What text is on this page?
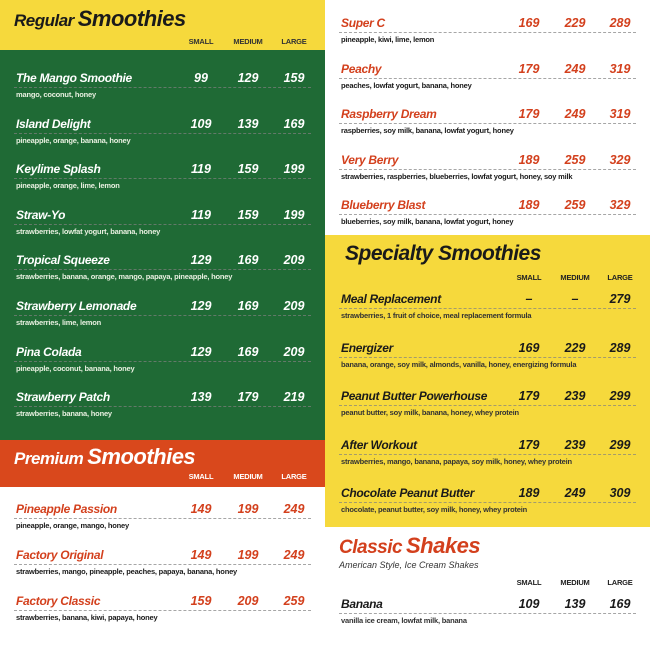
Regular Smoothies
SMALL	MEDIUM	LARGE
The Mango Smoothie	99	129	159
mango, coconut, honey
Island Delight	109	139	169
pineapple, orange, banana, honey
Keylime Splash	119	159	199
pineapple, orange, lime, lemon
Straw-Yo	119	159	199
strawberries, lowfat yogurt, banana, honey
Tropical Squeeze	129	169	209
strawberries, banana, orange, mango, papaya, pineapple, honey
Strawberry Lemonade	129	169	209
strawberries, lime, lemon
Pina Colada	129	169	209
pineapple, coconut, banana, honey
Strawberry Patch	139	179	219
strawberries, banana, honey
Premium Smoothies
SMALL	MEDIUM	LARGE
Pineapple Passion	149	199	249
pineapple, orange, mango, honey
Factory Original	149	199	249
strawberries, mango, pineapple, peaches, papaya, banana, honey
Factory Classic	159	209	259
strawberries, banana, kiwi, papaya, honey
Super C	169	229	289
pineapple, kiwi, lime, lemon
Peachy	179	249	319
peaches, lowfat yogurt, banana, honey
Raspberry Dream	179	249	319
raspberries, soy milk, banana, lowfat yogurt, honey
Very Berry	189	259	329
strawberries, raspberries, blueberries, lowfat yogurt, honey, soy milk
Blueberry Blast	189	259	329
blueberries, soy milk, banana, lowfat yogurt, honey
Specialty Smoothies
SMALL	MEDIUM	LARGE
Meal Replacement	–	–	279
strawberries, 1 fruit of choice, meal replacement formula
Energizer	169	229	289
banana, orange, soy milk, almonds, vanilla, honey, energizing formula
Peanut Butter Powerhouse	179	239	299
peanut butter, soy milk, banana, honey, whey protein
After Workout	179	239	299
strawberries, mango, banana, papaya, soy milk, honey, whey protein
Chocolate Peanut Butter	189	249	309
chocolate, peanut butter, soy milk, honey, whey protein
Classic Shakes
American Style, Ice Cream Shakes
SMALL	MEDIUM	LARGE
Banana	109	139	169
vanilla ice cream, lowfat milk, banana
